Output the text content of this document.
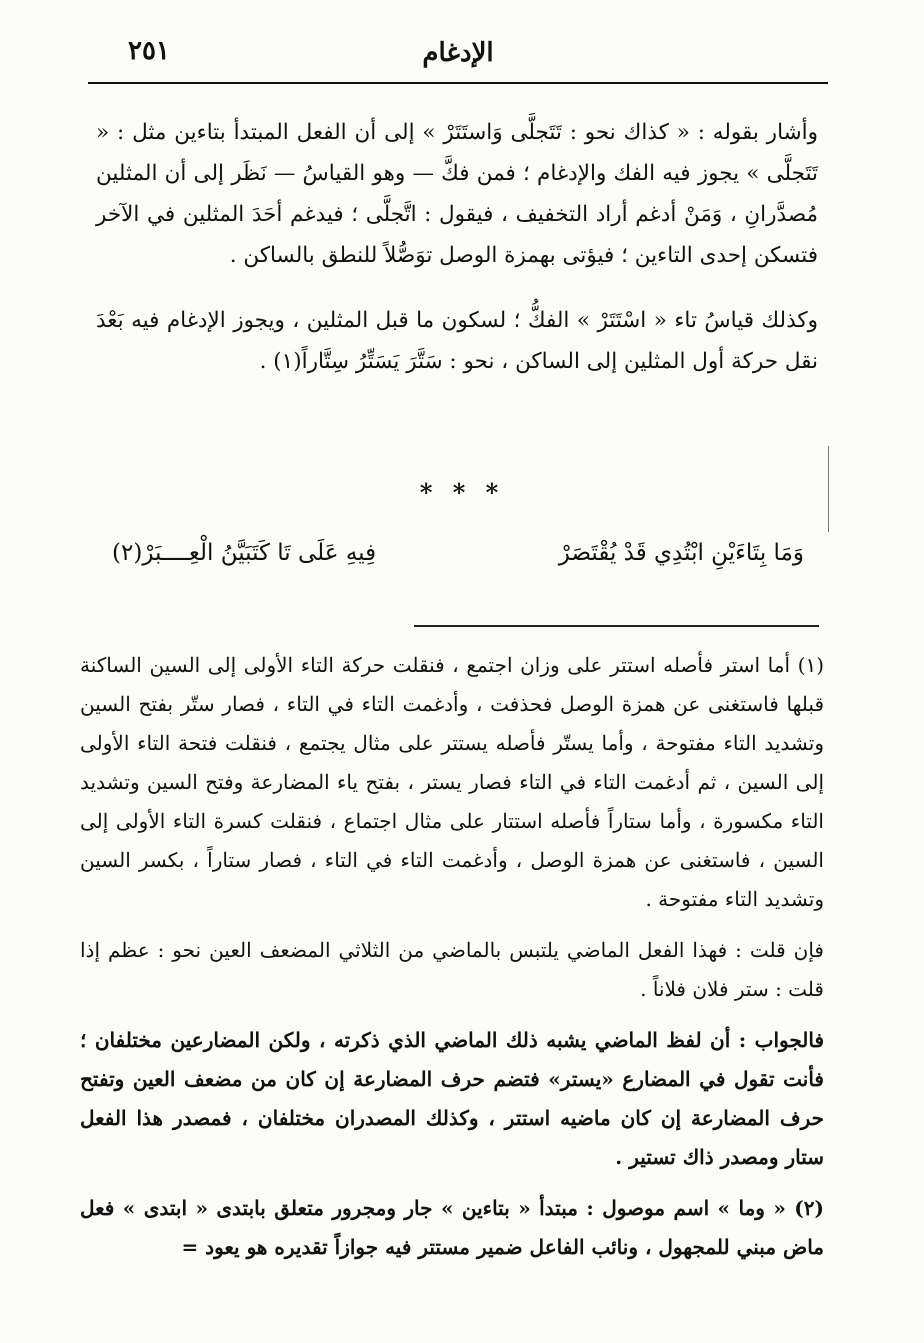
الإدغام
٢٥١

وأشار بقوله : « كذاك نحو : تَتَجلَّى وَاستَتَرْ » إلى أن الفعل المبتدأ بتاءين مثل : « تَتَجلَّى » يجوز فيه الفك والإدغام ؛ فمن فكَّ — وهو القياسُ — نَظَر إلى أن المثلين مُصدَّرانِ ، وَمَنْ أدغم أراد التخفيف ، فيقول : اتَّجلَّى ؛ فيدغم أحَدَ المثلين في الآخر فتسكن إحدى التاءين ؛ فيؤتى بهمزة الوصل توَصُّلاً للنطق بالساكن .

وكذلك قياسُ تاء « اسْتَتَرْ » الفكُّ ؛ لسكون ما قبل المثلين ، ويجوز الإدغام فيه بَعْدَ نقل حركة أول المثلين إلى الساكن ، نحو : سَتَّرَ يَسَتِّرُ سِتَّاراً(١) .

* * *
وَمَا بِتَاءَيْنِ ابْتُدِي قَدْ يُقْتَصَرْ
فِيهِ عَلَى تَا كَتَبَيَّنُ الْعِــــبَرْ(٢)

(١) أما استر فأصله استتر على وزان اجتمع ، فنقلت حركة التاء الأولى إلى السين الساكنة قبلها فاستغنى عن همزة الوصل فحذفت ، وأدغمت التاء في التاء ، فصار ستّر بفتح السين وتشديد التاء مفتوحة ، وأما يستّر فأصله يستتر على مثال يجتمع ، فنقلت فتحة التاء الأولى إلى السين ، ثم أدغمت التاء في التاء فصار يستر ، بفتح ياء المضارعة وفتح السين وتشديد التاء مكسورة ، وأما ستاراً فأصله استتار على مثال اجتماع ، فنقلت كسرة التاء الأولى إلى السين ، فاستغنى عن همزة الوصل ، وأدغمت التاء في التاء ، فصار ستاراً ، بكسر السين وتشديد التاء مفتوحة .

فإن قلت : فهذا الفعل الماضي يلتبس بالماضي من الثلاثي المضعف العين نحو : عظم إذا قلت : ستر فلان فلاناً .

فالجواب : أن لفظ الماضي يشبه ذلك الماضي الذي ذكرته ، ولكن المضارعين مختلفان ؛ فأنت تقول في المضارع «يستر» فتضم حرف المضارعة إن كان من مضعف العين وتفتح حرف المضارعة إن كان ماضيه استتر ، وكذلك المصدران مختلفان ، فمصدر هذا الفعل ستار ومصدر ذاك تستير .

(٢) « وما » اسم موصول : مبتدأ « بتاءين » جار ومجرور متعلق بابتدى « ابتدى » فعل ماض مبني للمجهول ، ونائب الفاعل ضمير مستتر فيه جوازاً تقديره هو يعود =
